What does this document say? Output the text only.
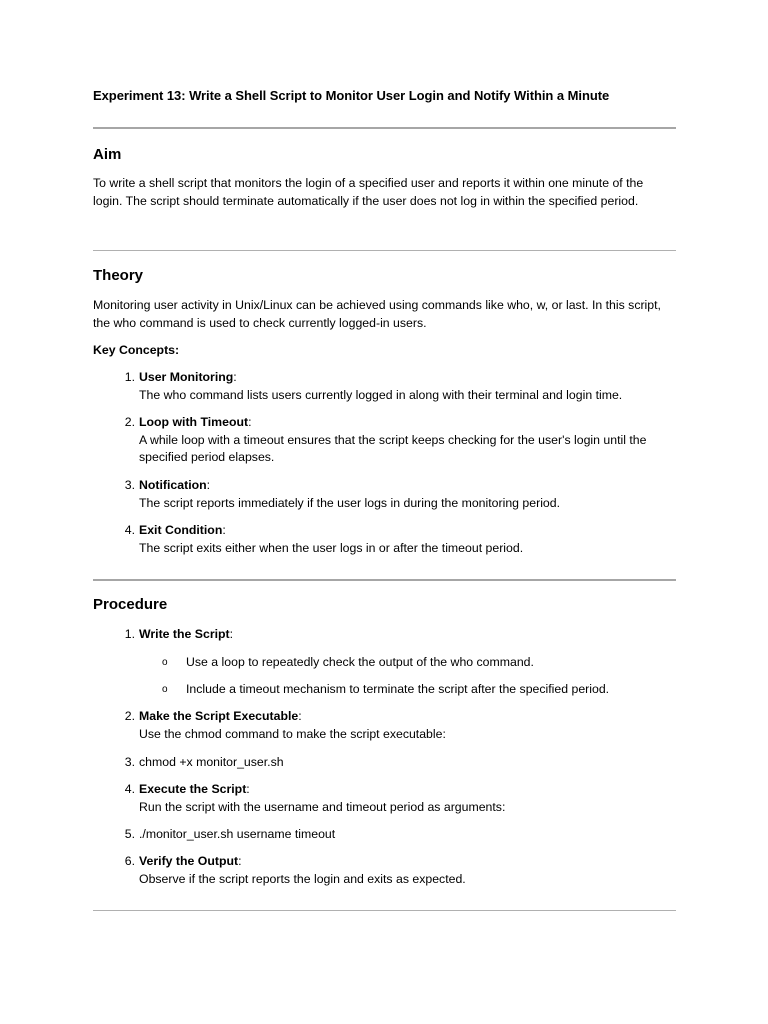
Experiment 13: Write a Shell Script to Monitor User Login and Notify Within a Minute
Aim

To write a shell script that monitors the login of a specified user and reports it within one minute of the login. The script should terminate automatically if the user does not log in within the specified period.

Theory

Monitoring user activity in Unix/Linux can be achieved using commands like who, w, or last. In this script, the who command is used to check currently logged-in users.

Key Concepts:

1. User Monitoring:
The who command lists users currently logged in along with their terminal and login time.
2. Loop with Timeout:
A while loop with a timeout ensures that the script keeps checking for the user's login until the specified period elapses.
3. Notification:
The script reports immediately if the user logs in during the monitoring period.
4. Exit Condition:
The script exits either when the user logs in or after the timeout period.
Procedure
1. Write the Script:
o Use a loop to repeatedly check the output of the who command.
o Include a timeout mechanism to terminate the script after the specified period.
2. Make the Script Executable:
Use the chmod command to make the script executable:
3. chmod +x monitor_user.sh
4. Execute the Script:
Run the script with the username and timeout period as arguments:
5. ./monitor_user.sh username timeout
6. Verify the Output:
Observe if the script reports the login and exits as expected.
